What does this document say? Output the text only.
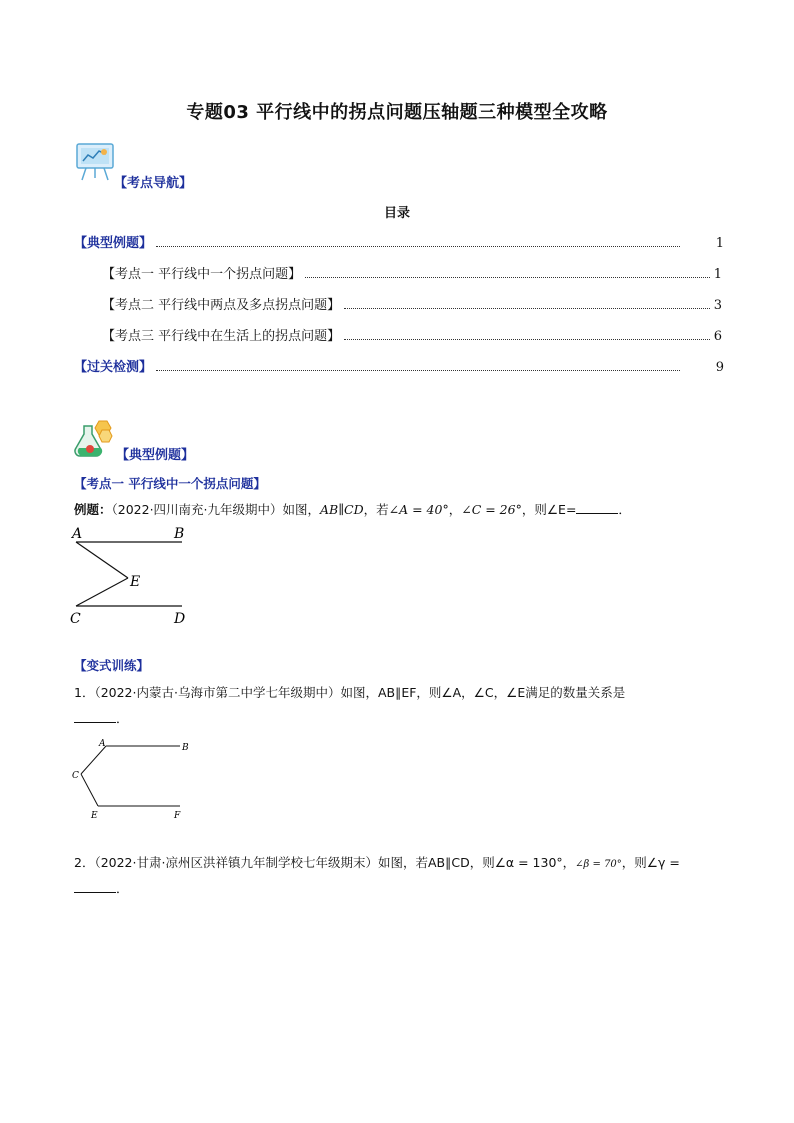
专题03 平行线中的拐点问题压轴题三种模型全攻略
【考点导航】
目录
【典型例题】	1
【考点一 平行线中一个拐点问题】	1
【考点二 平行线中两点及多点拐点问题】	3
【考点三 平行线中在生活上的拐点问题】	6
【过关检测】	9
【典型例题】
【考点一 平行线中一个拐点问题】
例题：（2022·四川南充·九年级期中）如图，AB∥CD，若∠A = 40°，∠C = 26°，则∠E=	．
A	B
E
C	D
【变式训练】
1．（2022·内蒙古·乌海市第二中学七年级期中）如图，AB∥EF，则∠A，∠C，∠E满足的数量关系是
．
A	B
C
E	F
2．（2022·甘肃·凉州区洪祥镇九年制学校七年级期末）如图，若AB∥CD，则∠α = 130°，∠β = 70°，则∠γ =
．
